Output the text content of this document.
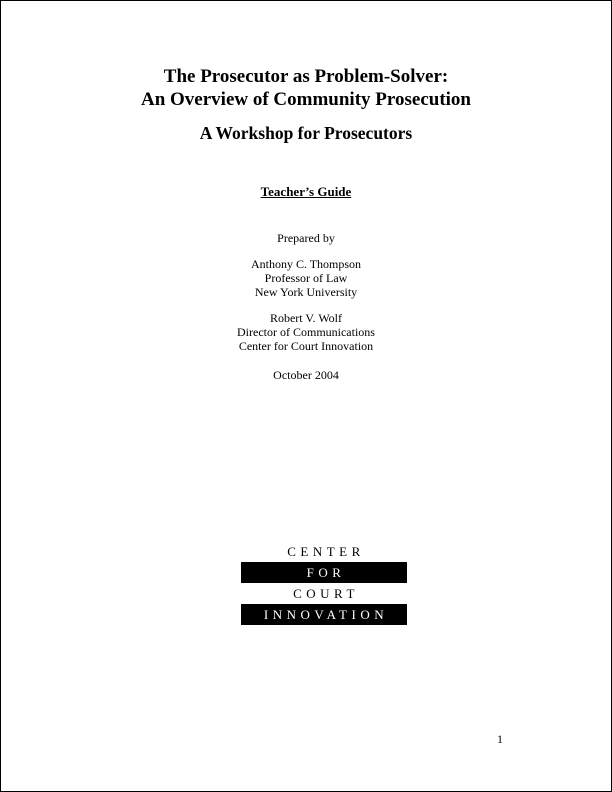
The Prosecutor as Problem-Solver:
An Overview of Community Prosecution
A Workshop for Prosecutors
Teacher’s Guide
Prepared by
Anthony C. Thompson
Professor of Law
New York University
Robert V. Wolf
Director of Communications
Center for Court Innovation
October 2004
CENTER
FOR
COURT
INNOVATION
1
